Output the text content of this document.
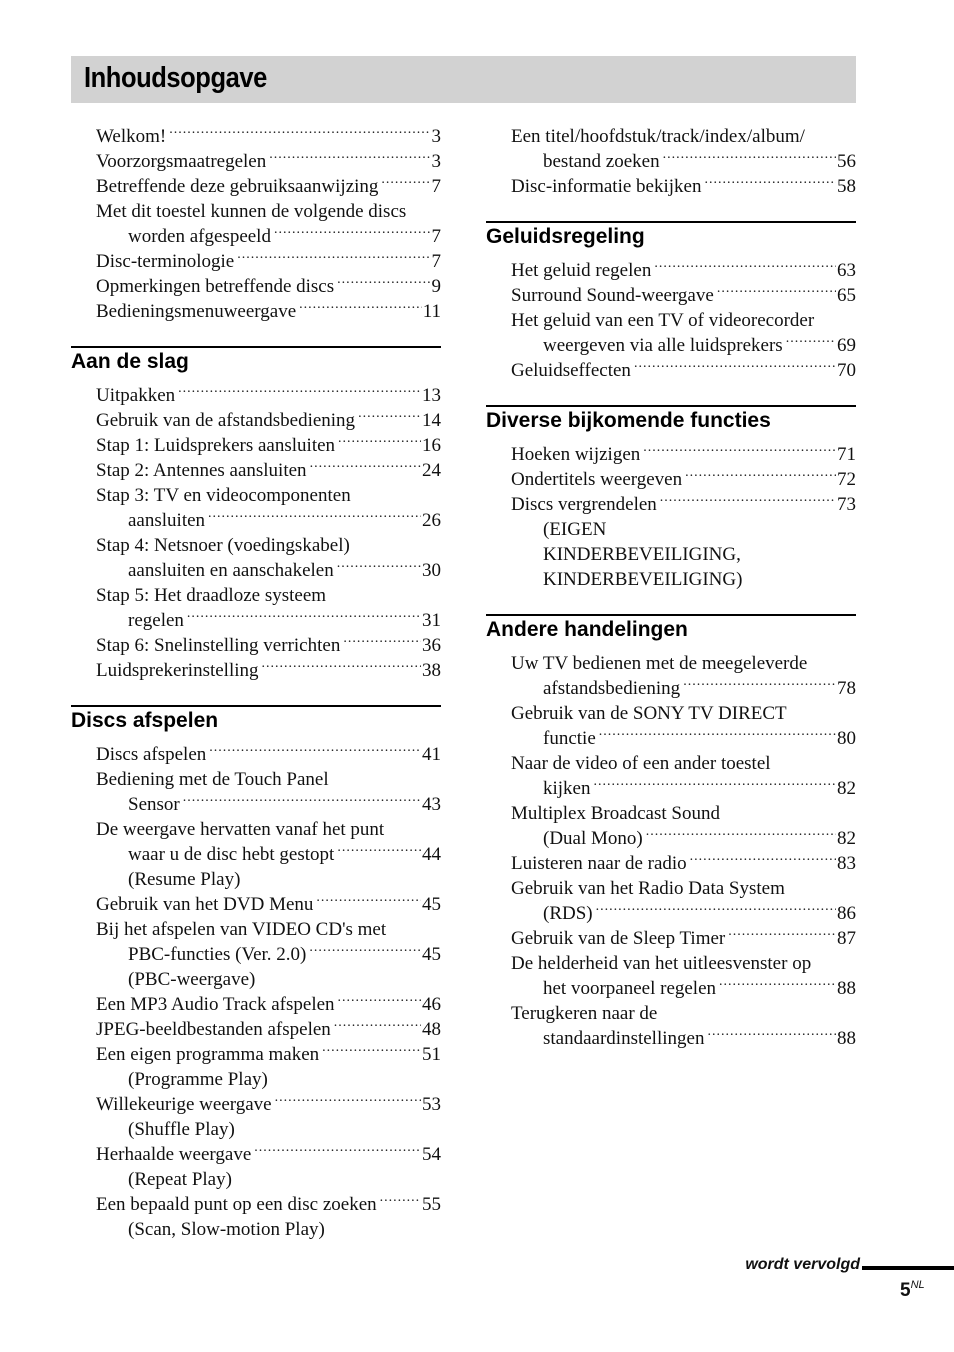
Inhoudsopgave
Welkom! .....	3
Voorzorgsmaatregelen .....	3
Betreffende deze gebruiksaanwijzing .....	7
Met dit toestel kunnen de volgende discs
worden afgespeeld .....	7
Disc-terminologie .....	7
Opmerkingen betreffende discs .....	9
Bedieningsmenuweergave .....	11
Aan de slag
Uitpakken .....	13
Gebruik van de afstandsbediening .....	14
Stap 1: Luidsprekers aansluiten .....	16
Stap 2: Antennes aansluiten .....	24
Stap 3: TV en videocomponenten
aansluiten .....	26
Stap 4: Netsnoer (voedingskabel)
aansluiten en aanschakelen .....	30
Stap 5: Het draadloze systeem
regelen .....	31
Stap 6: Snelinstelling verrichten .....	36
Luidsprekerinstelling .....	38
Discs afspelen
Discs afspelen .....	41
Bediening met de Touch Panel
Sensor .....	43
De weergave hervatten vanaf het punt
waar u de disc hebt gestopt .....	44
(Resume Play)
Gebruik van het DVD Menu .....	45
Bij het afspelen van VIDEO CD's met
PBC-functies (Ver. 2.0) .....	45
(PBC-weergave)
Een MP3 Audio Track afspelen .....	46
JPEG-beeldbestanden afspelen .....	48
Een eigen programma maken .....	51
(Programme Play)
Willekeurige weergave .....	53
(Shuffle Play)
Herhaalde weergave .....	54
(Repeat Play)
Een bepaald punt op een disc zoeken ..... 55
(Scan, Slow-motion Play)
Een titel/hoofdstuk/track/index/album/
bestand zoeken .....	56
Disc-informatie bekijken .....	58
Geluidsregeling
Het geluid regelen .....	63
Surround Sound-weergave .....	65
Het geluid van een TV of videorecorder
weergeven via alle luidsprekers .....	69
Geluidseffecten .....	70
Diverse bijkomende functies
Hoeken wijzigen .....	71
Ondertitels weergeven .....	72
Discs vergrendelen .....	73
(EIGEN
KINDERBEVEILIGING,
KINDERBEVEILIGING)
Andere handelingen
Uw TV bedienen met de meegeleverde
afstandsbediening .....	78
Gebruik van de SONY TV DIRECT
functie .....	80
Naar de video of een ander toestel
kijken .....	82
Multiplex Broadcast Sound
(Dual Mono) .....	82
Luisteren naar de radio .....	83
Gebruik van het Radio Data System
(RDS) .....	86
Gebruik van de Sleep Timer .....	87
De helderheid van het uitleesvenster op
het voorpaneel regelen .....	88
Terugkeren naar de
standaardinstellingen .....	88
wordt vervolgd
$5^{NL}$
